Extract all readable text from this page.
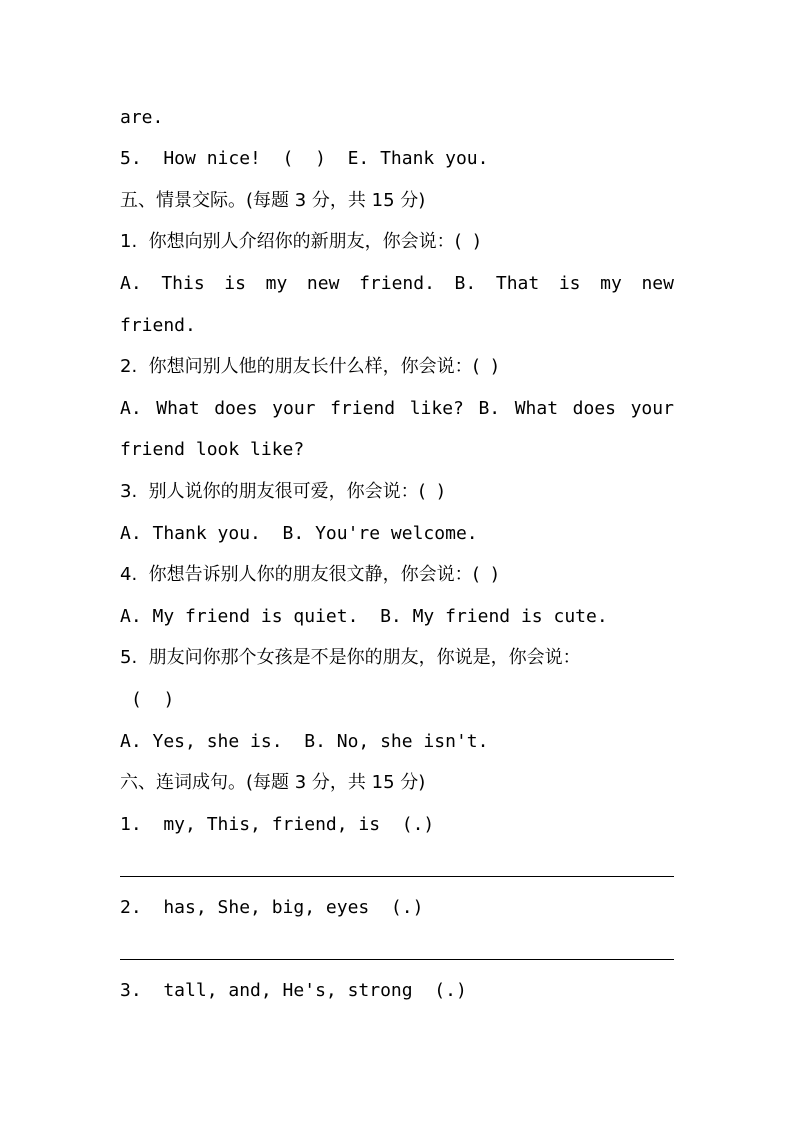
are.
5.  How nice!  (  )  E. Thank you.
五、情景交际。(每题 3 分，共 15 分)
1.  你想向别人介绍你的新朋友，你会说：(  )
A. This is my new friend. B. That is my new
friend.
2.  你想问别人他的朋友长什么样，你会说：(  )
A. What does your friend like? B. What does your
friend look like?
3.  别人说你的朋友很可爱，你会说：(  )
A. Thank you.  B. You're welcome.
4.  你想告诉别人你的朋友很文静，你会说：(  )
A. My friend is quiet.  B. My friend is cute.
5.  朋友问你那个女孩是不是你的朋友，你说是，你会说：
(  )
A. Yes, she is.  B. No, she isn't.
六、连词成句。(每题 3 分，共 15 分)
1.  my, This, friend, is  (.)
2.  has, She, big, eyes  (.)
3.  tall, and, He's, strong  (.)
